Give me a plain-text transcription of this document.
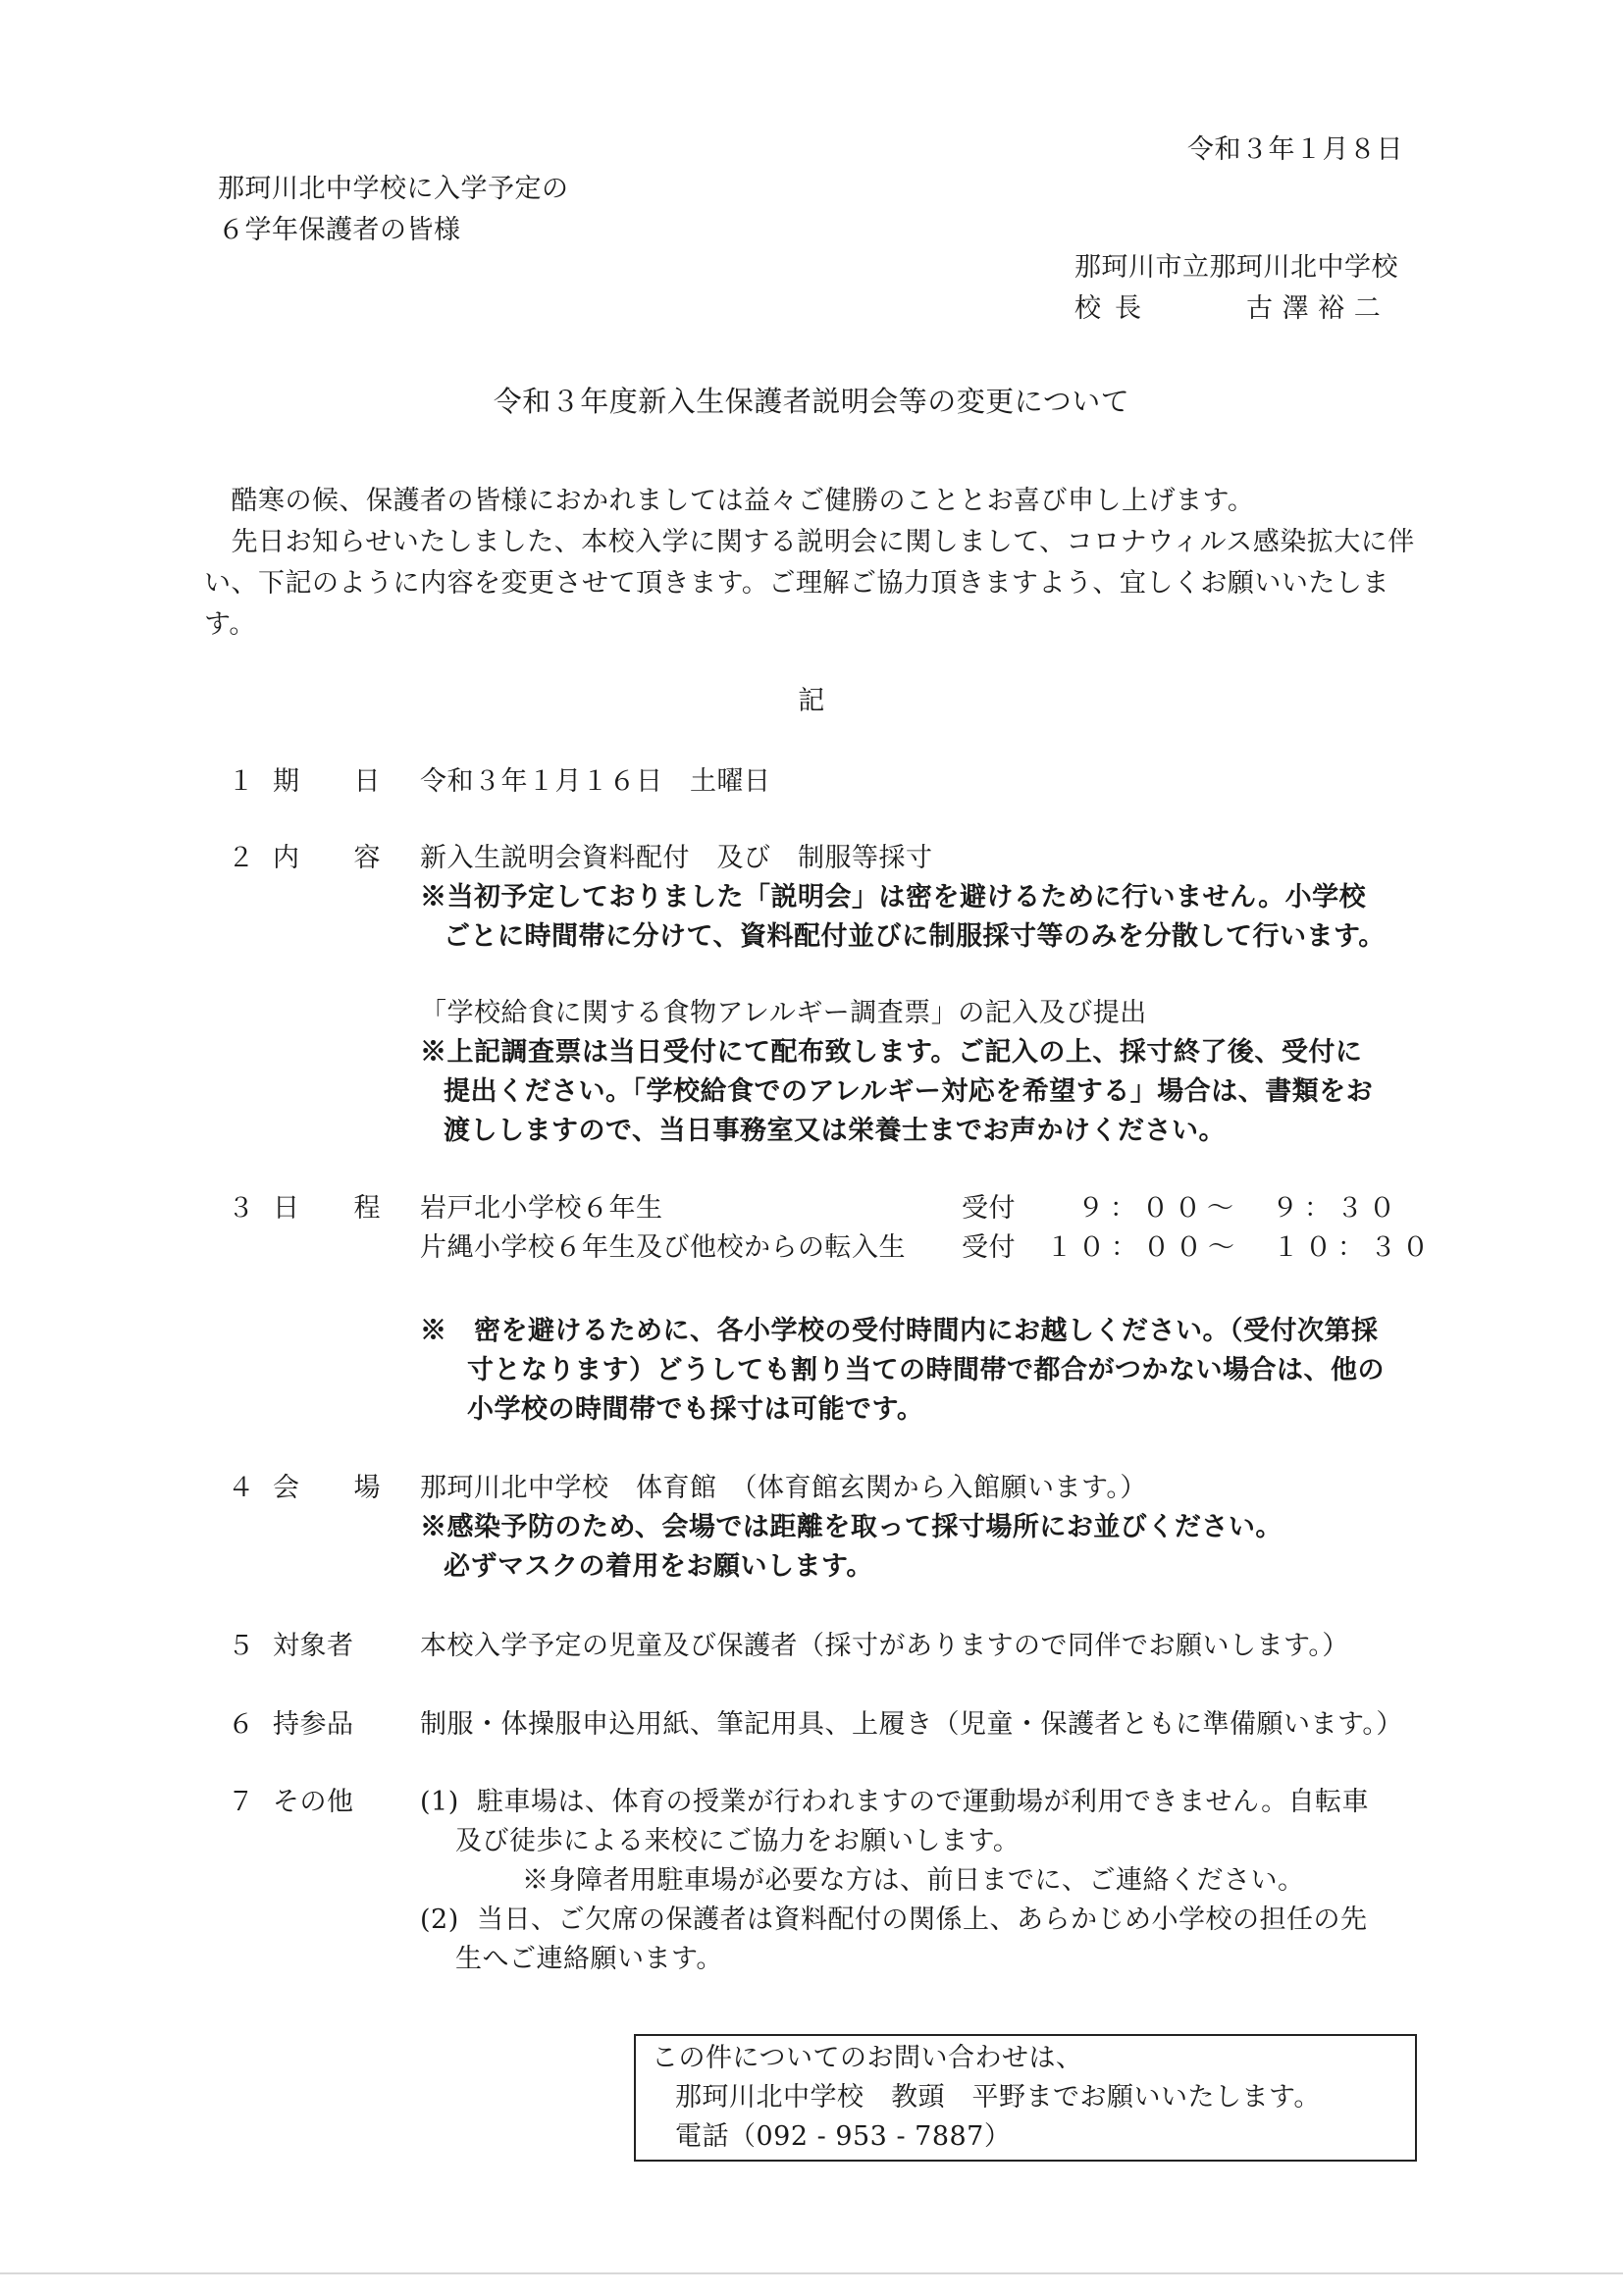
令和３年１月８日
那珂川北中学校に入学予定の
６学年保護者の皆様
那珂川市立那珂川北中学校
校長	古 澤 裕 二
令和３年度新入生保護者説明会等の変更について

　酷寒の候、保護者の皆様におかれましては益々ご健勝のこととお喜び申し上げます。

　先日お知らせいたしました、本校入学に関する説明会に関しまして、コロナウィルス感染拡大に伴い、下記のように内容を変更させて頂きます。ご理解ご協力頂きますよう、宜しくお願いいたします。

記
１ 期 日 令和３年１月１６日　土曜日
２ 内 容 新入生説明会資料配付　及び　制服等採寸
※当初予定しておりました「説明会」は密を避けるために行いません。小学校
ごとに時間帯に分けて、資料配付並びに制服採寸等のみを分散して行います。
「学校給食に関する食物アレルギー調査票」の記入及び提出
※上記調査票は当日受付にて配布致します。ご記入の上、採寸終了後、受付に
提出ください。「学校給食でのアレルギー対応を希望する」場合は、書類をお
渡ししますので、当日事務室又は栄養士までお声かけください。
３ 日 程 岩戸北小学校６年生	受付 ９：００～　９：３０
片縄小学校６年生及び他校からの転入生 受付 １０：００～　１０：３０
※　密を避けるために、各小学校の受付時間内にお越しください。（受付次第採
寸となります）どうしても割り当ての時間帯で都合がつかない場合は、他の
小学校の時間帯でも採寸は可能です。
４ 会 場 那珂川北中学校　体育館　（体育館玄関から入館願います。）
※感染予防のため、会場では距離を取って採寸場所にお並びください。
必ずマスクの着用をお願いします。
５ 対象者	本校入学予定の児童及び保護者（採寸がありますので同伴でお願いします。）
６ 持参品	制服・体操服申込用紙、筆記用具、上履き（児童・保護者ともに準備願います。）
７ その他	(1) 駐車場は、体育の授業が行われますので運動場が利用できません。自転車
及び徒歩による来校にご協力をお願いします。
※身障者用駐車場が必要な方は、前日までに、ご連絡ください。
(2) 当日、ご欠席の保護者は資料配付の関係上、あらかじめ小学校の担任の先
生へご連絡願います。
この件についてのお問い合わせは、
那珂川北中学校　教頭　平野までお願いいたします。
電話（092 - 953 - 7887）
